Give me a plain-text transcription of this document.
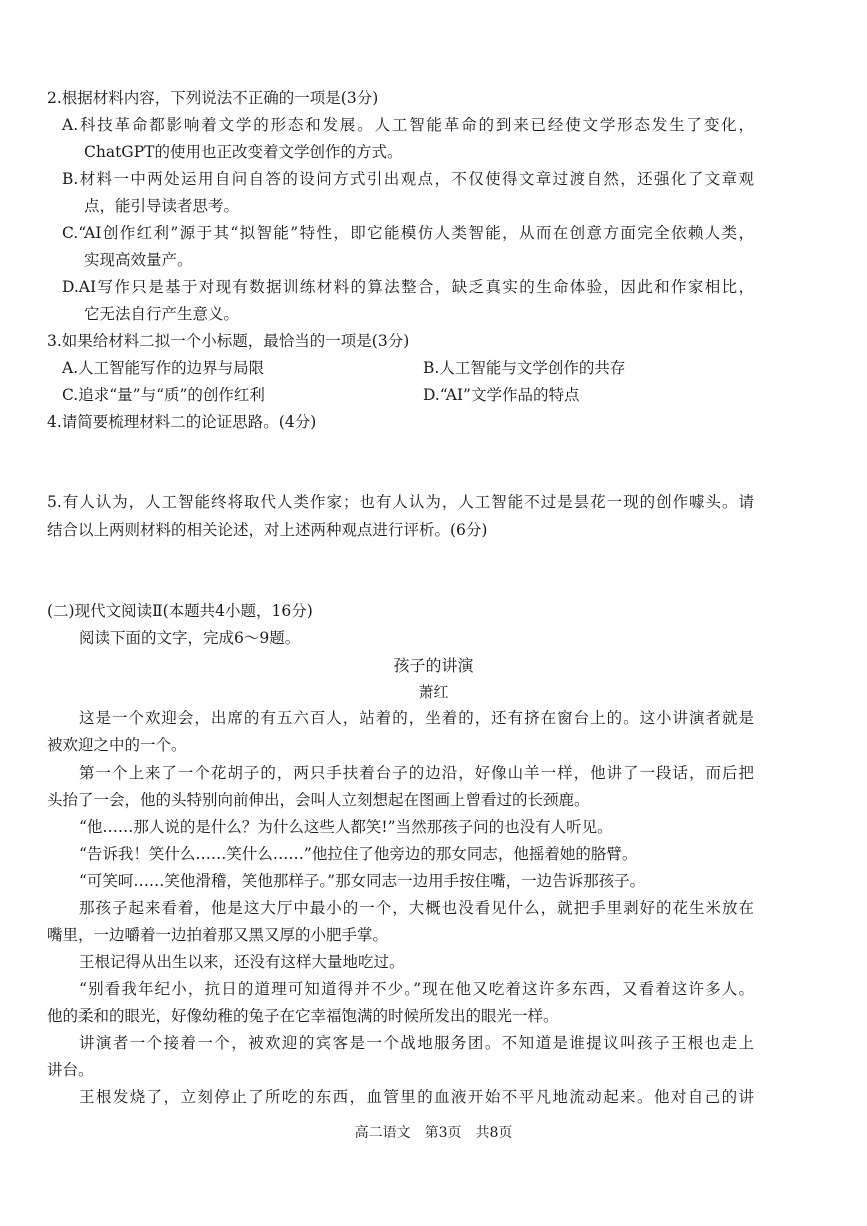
2.根据材料内容，下列说法不正确的一项是(3分)
A.科技革命都影响着文学的形态和发展。人工智能革命的到来已经使文学形态发生了变化，
ChatGPT的使用也正改变着文学创作的方式。
B.材料一中两处运用自问自答的设问方式引出观点，不仅使得文章过渡自然，还强化了文章观
点，能引导读者思考。
C.“AI创作红利”源于其“拟智能”特性，即它能模仿人类智能，从而在创意方面完全依赖人类，
实现高效量产。
D.AI写作只是基于对现有数据训练材料的算法整合，缺乏真实的生命体验，因此和作家相比，
它无法自行产生意义。
3.如果给材料二拟一个小标题，最恰当的一项是(3分)
A.人工智能写作的边界与局限	B.人工智能与文学创作的共存
C.追求“量”与“质”的创作红利	D.“AI”文学作品的特点
4.请简要梳理材料二的论证思路。(4分)
5.有人认为，人工智能终将取代人类作家；也有人认为，人工智能不过是昙花一现的创作噱头。请
结合以上两则材料的相关论述，对上述两种观点进行评析。(6分)
(二)现代文阅读Ⅱ(本题共4小题，16分)
阅读下面的文字，完成6～9题。
孩子的讲演
萧红
这是一个欢迎会，出席的有五六百人，站着的，坐着的，还有挤在窗台上的。这小讲演者就是
被欢迎之中的一个。
第一个上来了一个花胡子的，两只手扶着台子的边沿，好像山羊一样，他讲了一段话，而后把
头抬了一会，他的头特别向前伸出，会叫人立刻想起在图画上曾看过的长颈鹿。
“他……那人说的是什么？为什么这些人都笑!”当然那孩子问的也没有人听见。
“告诉我！笑什么……笑什么……”他拉住了他旁边的那女同志，他摇着她的胳臂。
“可笑呵……笑他滑稽，笑他那样子。”那女同志一边用手按住嘴，一边告诉那孩子。
那孩子起来看着，他是这大厅中最小的一个，大概也没看见什么，就把手里剥好的花生米放在
嘴里，一边嚼着一边拍着那又黑又厚的小肥手掌。
王根记得从出生以来，还没有这样大量地吃过。
“别看我年纪小，抗日的道理可知道得并不少。”现在他又吃着这许多东西，又看着这许多人。
他的柔和的眼光，好像幼稚的兔子在它幸福饱满的时候所发出的眼光一样。
讲演者一个接着一个，被欢迎的宾客是一个战地服务团。不知道是谁提议叫孩子王根也走上
讲台。
王根发烧了，立刻停止了所吃的东西，血管里的血液开始不平凡地流动起来。他对自己的讲
高二语文　第3页　共8页
